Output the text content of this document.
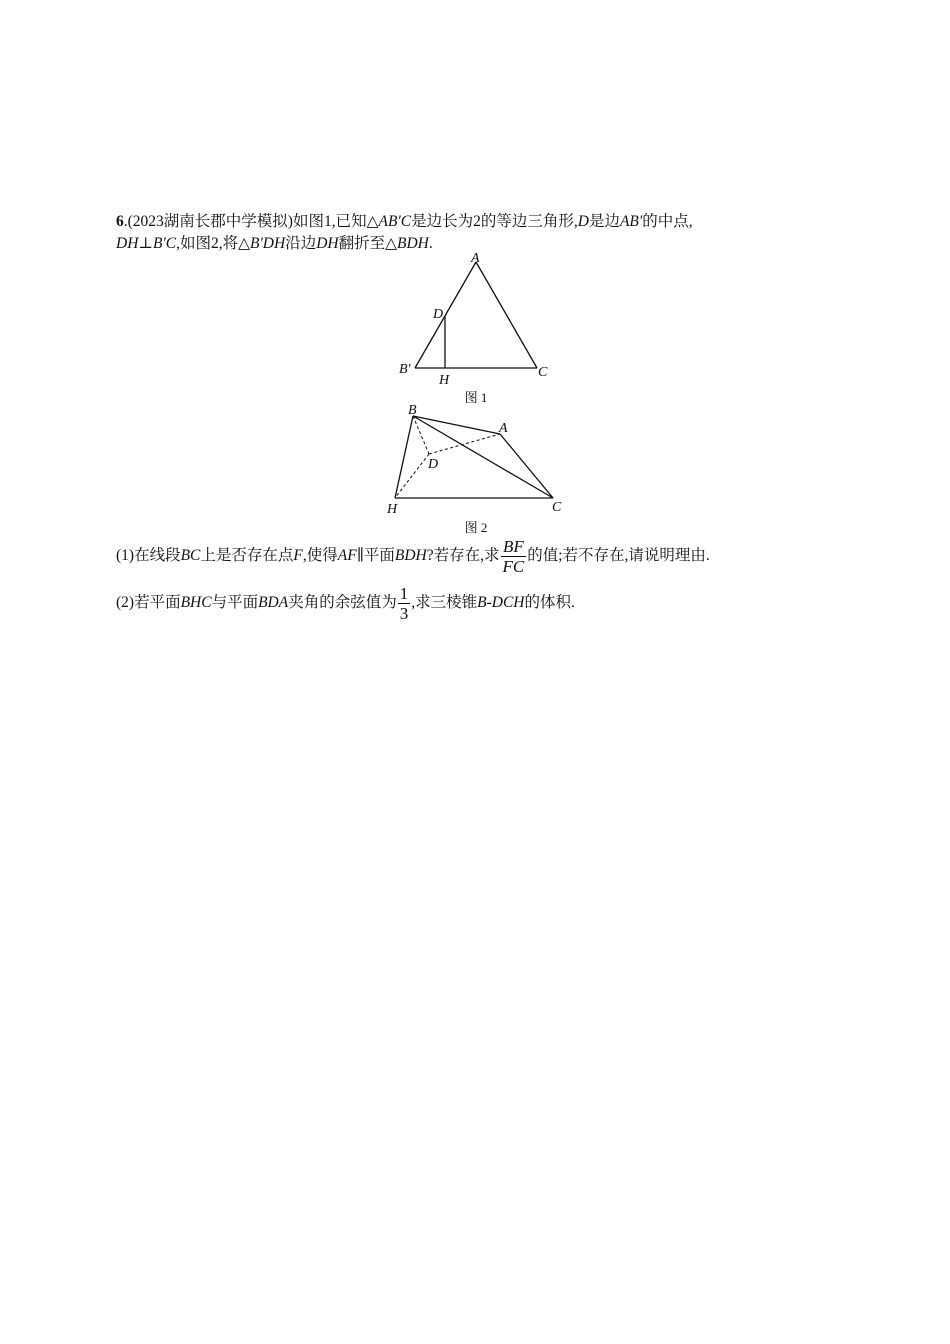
6.(2023湖南长郡中学模拟)如图1,已知△AB'C是边长为2的等边三角形,D是边AB'的中点,
DH⊥B'C,如图2,将△B'DH沿边DH翻折至△BDH.
A
D
B'
H
C
图 1
B
A
D
H	C
图 2
(1)在线段BC上是否存在点F,使得AF∥平面BDH?若存在,求 $\frac{BF}{FC}$ 的值;若不存在,请说明理由.
(2)若平面BHC与平面BDA夹角的余弦值为 $\frac{1}{3}$ ,求三棱锥B-DCH的体积.
